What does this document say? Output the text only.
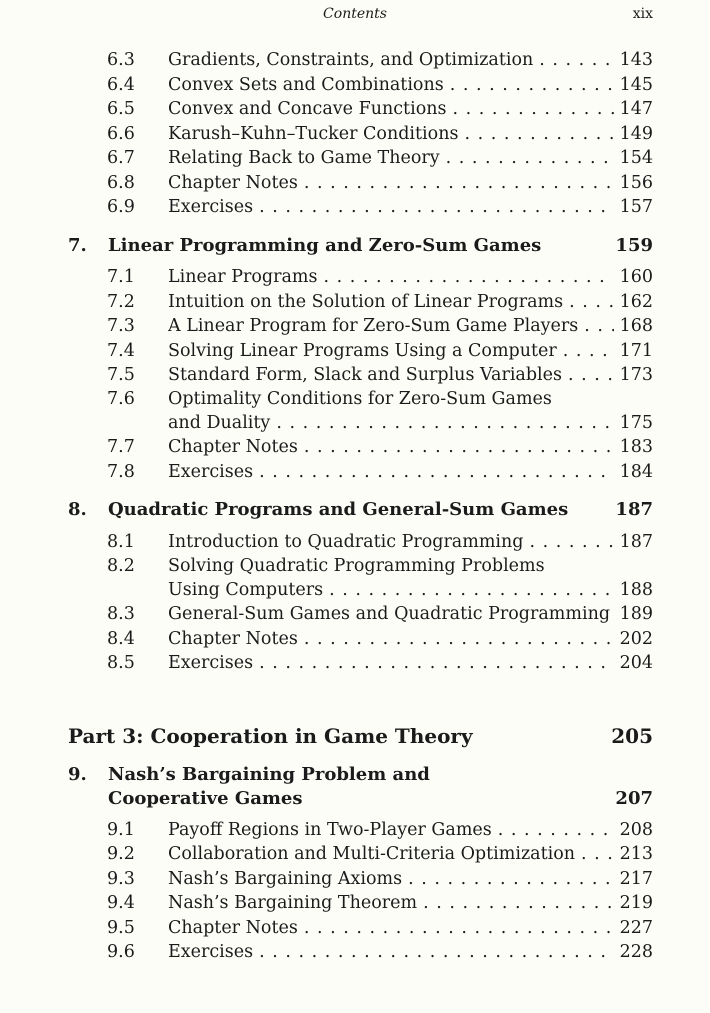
Contents	xix
6.3 Gradients, Constraints, and Optimization . . .	143
6.4 Convex Sets and Combinations . . .	145
6.5 Convex and Concave Functions . . .	147
6.6 Karush–Kuhn–Tucker Conditions . . .	149
6.7 Relating Back to Game Theory . . .	154
6.8 Chapter Notes . . .	156
6.9 Exercises . . .	157
7. Linear Programming and Zero-Sum Games	159
7.1 Linear Programs . . .	160
7.2 Intuition on the Solution of Linear Programs . . .	162
7.3 A Linear Program for Zero-Sum Game Players . . .	168
7.4 Solving Linear Programs Using a Computer . . .	171
7.5 Standard Form, Slack and Surplus Variables . . .	173
7.6 Optimality Conditions for Zero-Sum Games
and Duality . . .	175
7.7 Chapter Notes . . .	183
7.8 Exercises . . .	184
8. Quadratic Programs and General-Sum Games	187
8.1 Introduction to Quadratic Programming . . .	187
8.2 Solving Quadratic Programming Problems
Using Computers . . .	188
8.3 General-Sum Games and Quadratic Programming . . . 189
8.4 Chapter Notes . . .	202
8.5 Exercises . . .	204
Part 3: Cooperation in Game Theory	205
9. Nash’s Bargaining Problem and
Cooperative Games	207
9.1 Payoff Regions in Two-Player Games . . .	208
9.2 Collaboration and Multi-Criteria Optimization . . .	213
9.3 Nash’s Bargaining Axioms . . .	217
9.4 Nash’s Bargaining Theorem . . .	219
9.5 Chapter Notes . . .	227
9.6 Exercises . . .	228
